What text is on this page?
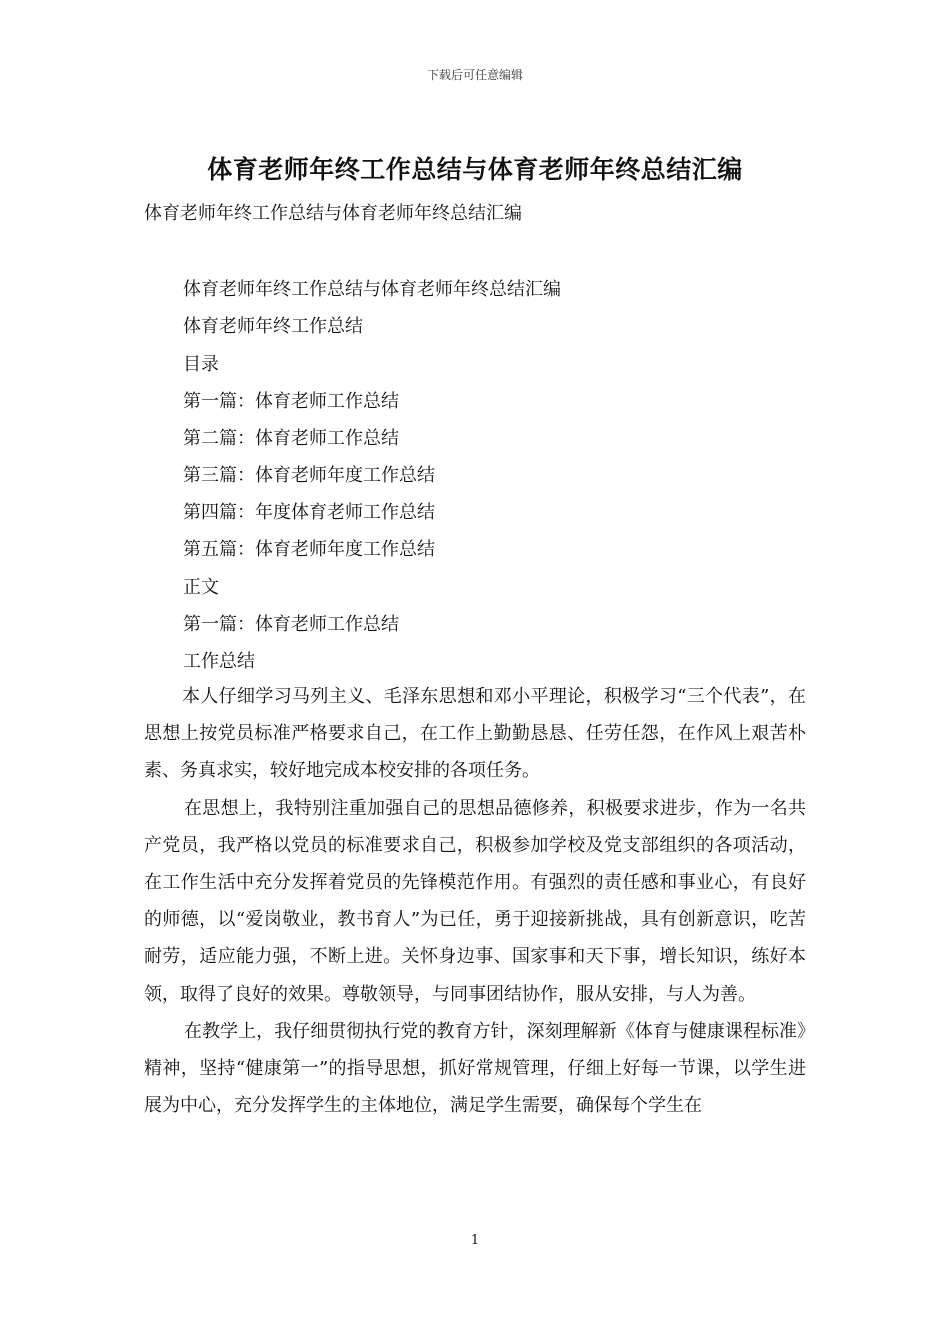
下载后可任意编辑
体育老师年终工作总结与体育老师年终总结汇编
体育老师年终工作总结与体育老师年终总结汇编
体育老师年终工作总结与体育老师年终总结汇编
体育老师年终工作总结
目录
第一篇：体育老师工作总结
第二篇：体育老师工作总结
第三篇：体育老师年度工作总结
第四篇：年度体育老师工作总结
第五篇：体育老师年度工作总结
正文
第一篇：体育老师工作总结
工作总结

本人仔细学习马列主义、毛泽东思想和邓小平理论，积极学习“三个代表”，在思想上按党员标准严格要求自己，在工作上勤勤恳恳、任劳任怨，在作风上艰苦朴素、务真求实，较好地完成本校安排的各项任务。

在思想上，我特别注重加强自己的思想品德修养，积极要求进步，作为一名共产党员，我严格以党员的标准要求自己，积极参加学校及党支部组织的各项活动，在工作生活中充分发挥着党员的先锋模范作用。有强烈的责任感和事业心，有良好的师德，以“爱岗敬业，教书育人”为已任，勇于迎接新挑战，具有创新意识，吃苦耐劳，适应能力强，不断上进。关怀身边事、国家事和天下事，增长知识，练好本领，取得了良好的效果。尊敬领导，与同事团结协作，服从安排，与人为善。

在教学上，我仔细贯彻执行党的教育方针，深刻理解新《体育与健康课程标准》精神，坚持“健康第一”的指导思想，抓好常规管理，仔细上好每一节课，以学生进展为中心，充分发挥学生的主体地位，满足学生需要，确保每个学生在

1
